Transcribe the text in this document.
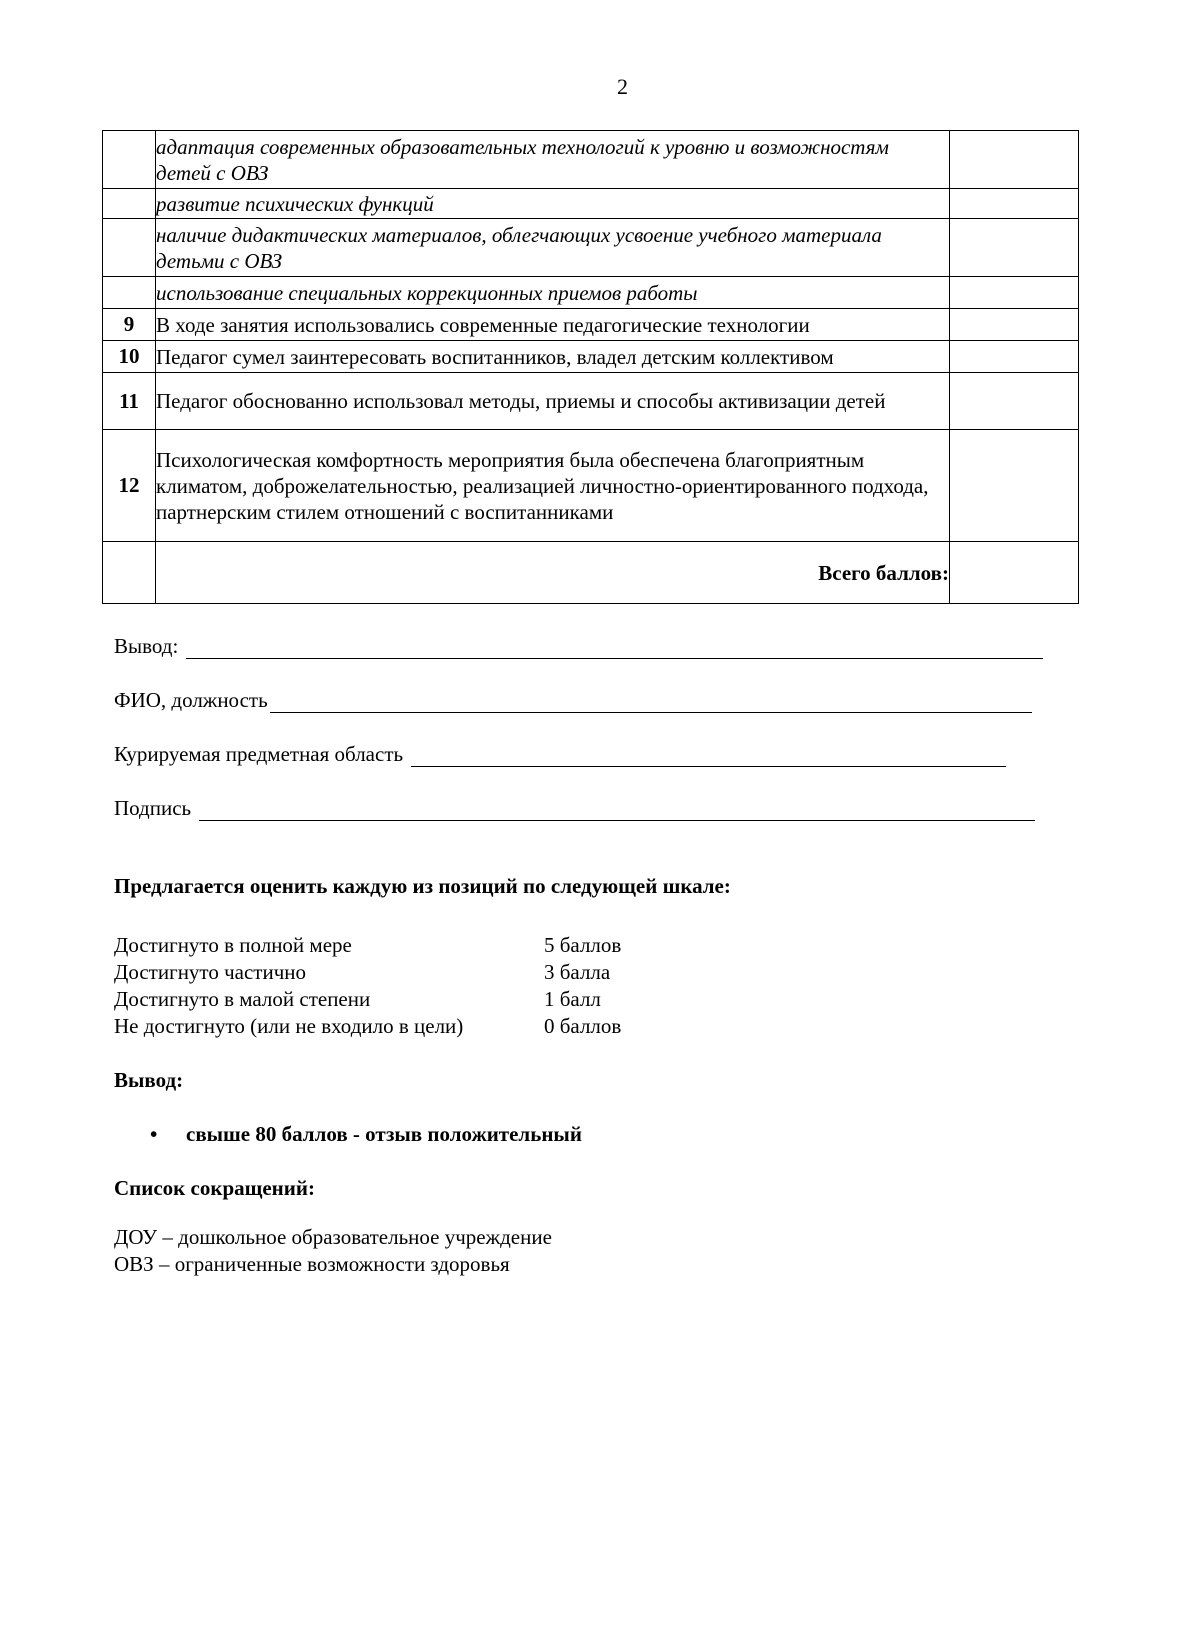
2
	адаптация современных образовательных технологий к уровню и возможностям детей с ОВЗ	
	развитие психических функций	
	наличие дидактических материалов, облегчающих усвоение учебного материала детьми с ОВЗ	
	использование специальных коррекционных приемов работы	
9	В ходе занятия использовались современные педагогические технологии	
10	Педагог сумел заинтересовать воспитанников, владел детским коллективом	
11	Педагог обоснованно использовал методы, приемы и способы активизации детей	
12	Психологическая комфортность мероприятия была обеспечена благоприятным климатом, доброжелательностью, реализацией личностно-ориентированного подхода, партнерским стилем отношений с воспитанниками	
	Всего баллов:	
Вывод:
ФИО, должность
Курируемая предметная область
Подпись
Предлагается оценить каждую из позиций по следующей шкале:
Достигнуто в полной мере	5 баллов
Достигнуто частично	3 балла
Достигнуто в малой степени	1 балл
Не достигнуто (или не входило в цели)	0 баллов
Вывод:
•	свыше 80 баллов - отзыв положительный
Список сокращений:
ДОУ – дошкольное образовательное учреждение
ОВЗ – ограниченные возможности здоровья
